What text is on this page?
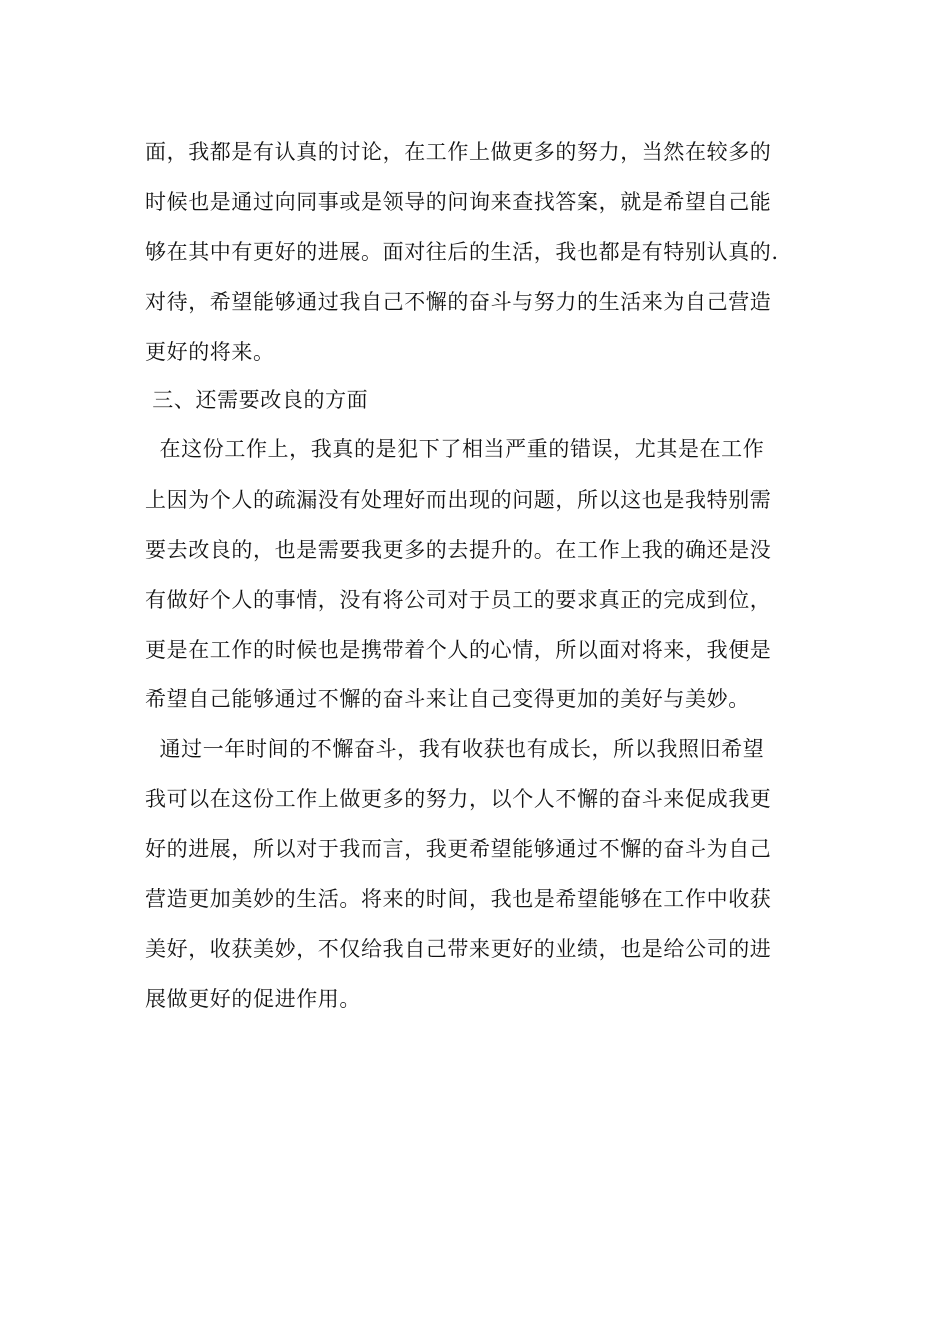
面，我都是有认真的讨论，在工作上做更多的努力，当然在较多的
时候也是通过向同事或是领导的问询来查找答案，就是希望自己能
够在其中有更好的进展。面对往后的生活，我也都是有特别认真的.
对待，希望能够通过我自己不懈的奋斗与努力的生活来为自己营造
更好的将来。
三、还需要改良的方面
在这份工作上，我真的是犯下了相当严重的错误，尤其是在工作
上因为个人的疏漏没有处理好而出现的问题，所以这也是我特别需
要去改良的，也是需要我更多的去提升的。在工作上我的确还是没
有做好个人的事情，没有将公司对于员工的要求真正的完成到位，
更是在工作的时候也是携带着个人的心情，所以面对将来，我便是
希望自己能够通过不懈的奋斗来让自己变得更加的美好与美妙。
通过一年时间的不懈奋斗，我有收获也有成长，所以我照旧希望
我可以在这份工作上做更多的努力，以个人不懈的奋斗来促成我更
好的进展，所以对于我而言，我更希望能够通过不懈的奋斗为自己
营造更加美妙的生活。将来的时间，我也是希望能够在工作中收获
美好，收获美妙，不仅给我自己带来更好的业绩，也是给公司的进
展做更好的促进作用。
